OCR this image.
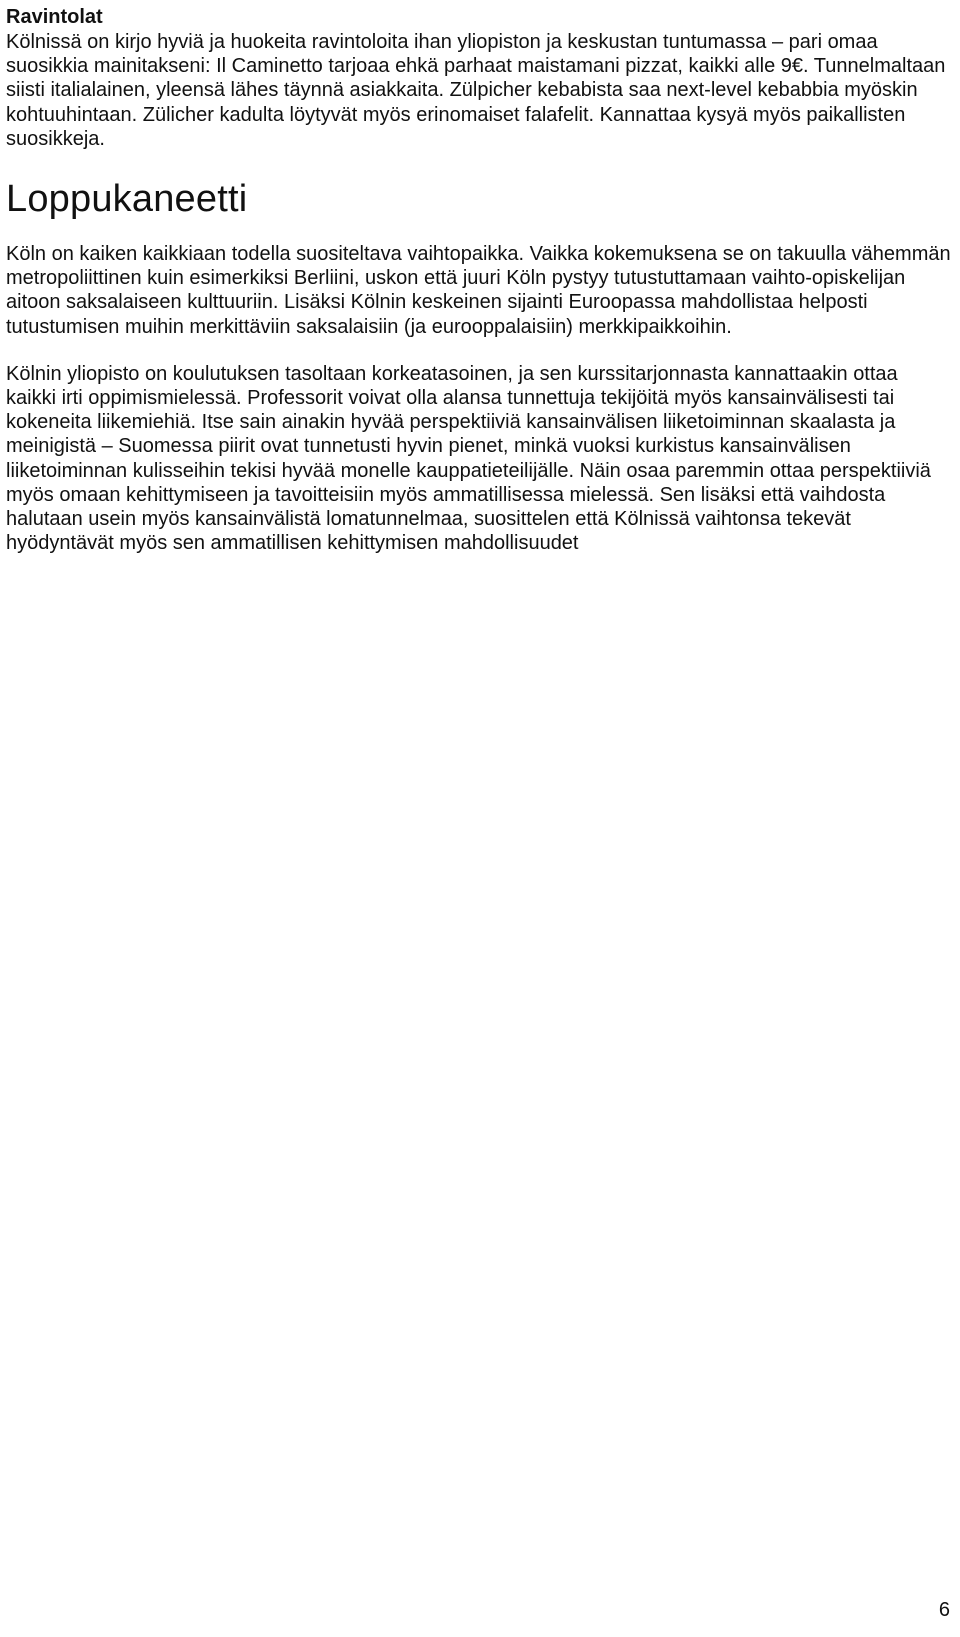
Ravintolat

Kölnissä on kirjo hyviä ja huokeita ravintoloita ihan yliopiston ja keskustan tuntumassa – pari omaa suosikkia mainitakseni: Il Caminetto tarjoaa ehkä parhaat maistamani pizzat, kaikki alle 9€. Tunnelmaltaan siisti italialainen, yleensä lähes täynnä asiakkaita. Zülpicher kebabista saa next-level kebabbia myöskin kohtuuhintaan. Zülicher kadulta löytyvät myös erinomaiset falafelit. Kannattaa kysyä myös paikallisten suosikkeja.

Loppukaneetti

Köln on kaiken kaikkiaan todella suositeltava vaihtopaikka. Vaikka kokemuksena se on takuulla vähemmän metropoliittinen kuin esimerkiksi Berliini, uskon että juuri Köln pystyy tutustuttamaan vaihto-opiskelijan aitoon saksalaiseen kulttuuriin. Lisäksi Kölnin keskeinen sijainti Euroopassa mahdollistaa helposti tutustumisen muihin merkittäviin saksalaisiin (ja eurooppalaisiin) merkkipaikkoihin.

Kölnin yliopisto on koulutuksen tasoltaan korkeatasoinen, ja sen kurssitarjonnasta kannattaakin ottaa kaikki irti oppimismielessä. Professorit voivat olla alansa tunnettuja tekijöitä myös kansainvälisesti tai kokeneita liikemiehiä. Itse sain ainakin hyvää perspektiiviä kansainvälisen liiketoiminnan skaalasta ja meinigistä – Suomessa piirit ovat tunnetusti hyvin pienet, minkä vuoksi kurkistus kansainvälisen liiketoiminnan kulisseihin tekisi hyvää monelle kauppatieteilijälle. Näin osaa paremmin ottaa perspektiiviä myös omaan kehittymiseen ja tavoitteisiin myös ammatillisessa mielessä. Sen lisäksi että vaihdosta halutaan usein myös kansainvälistä lomatunnelmaa, suosittelen että Kölnissä vaihtonsa tekevät hyödyntävät myös sen ammatillisen kehittymisen mahdollisuudet

6
